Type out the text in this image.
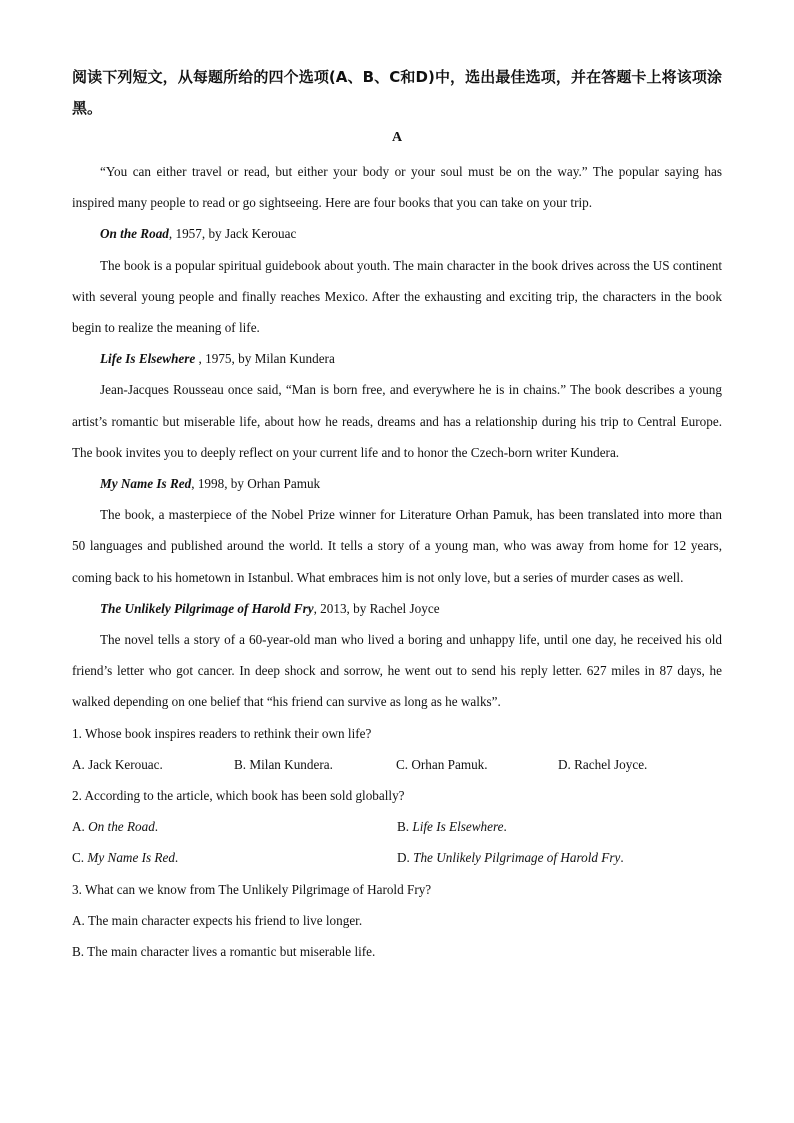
阅读下列短文，从每题所给的四个选项(A、B、C和D)中，选出最佳选项，并在答题卡上将该项涂黑。

A

“You can either travel or read, but either your body or your soul must be on the way.” The popular saying has inspired many people to read or go sightseeing. Here are four books that you can take on your trip.

On the Road, 1957, by Jack Kerouac

The book is a popular spiritual guidebook about youth. The main character in the book drives across the US continent with several young people and finally reaches Mexico. After the exhausting and exciting trip, the characters in the book begin to realize the meaning of life.

Life Is Elsewhere , 1975, by Milan Kundera

Jean-Jacques Rousseau once said, “Man is born free, and everywhere he is in chains.” The book describes a young artist’s romantic but miserable life, about how he reads, dreams and has a relationship during his trip to Central Europe. The book invites you to deeply reflect on your current life and to honor the Czech-born writer Kundera.

My Name Is Red, 1998, by Orhan Pamuk

The book, a masterpiece of the Nobel Prize winner for Literature Orhan Pamuk, has been translated into more than 50 languages and published around the world. It tells a story of a young man, who was away from home for 12 years, coming back to his hometown in Istanbul. What embraces him is not only love, but a series of murder cases as well.

The Unlikely Pilgrimage of Harold Fry, 2013, by Rachel Joyce

The novel tells a story of a 60-year-old man who lived a boring and unhappy life, until one day, he received his old friend’s letter who got cancer. In deep shock and sorrow, he went out to send his reply letter. 627 miles in 87 days, he walked depending on one belief that “his friend can survive as long as he walks”.

1. Whose book inspires readers to rethink their own life?

A. Jack Kerouac.	B. Milan Kundera.	C. Orhan Pamuk.	D. Rachel Joyce.

2. According to the article, which book has been sold globally?

A. On the Road.	B. Life Is Elsewhere.
C. My Name Is Red.	D. The Unlikely Pilgrimage of Harold Fry.

3. What can we know from The Unlikely Pilgrimage of Harold Fry?

A. The main character expects his friend to live longer.

B. The main character lives a romantic but miserable life.
